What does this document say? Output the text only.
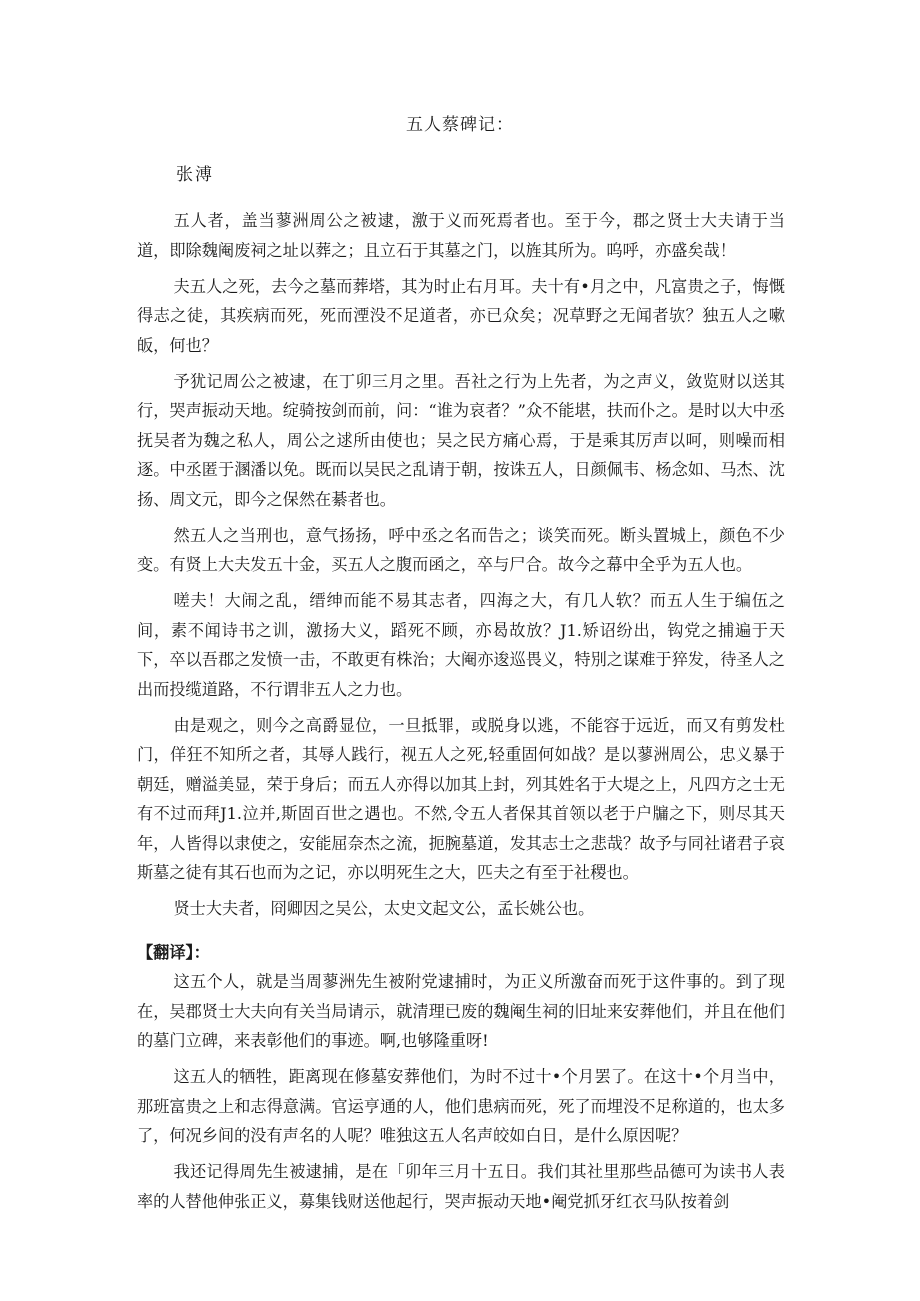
五人蔡碑记：
张溥

五人者，盖当蓼洲周公之被逮，激于义而死焉者也。至于今，郡之贤士大夫请于当道，即除魏阉废祠之址以葬之；且立石于其墓之门，以旌其所为。呜呼，亦盛矣哉！

夫五人之死，去今之墓而葬塔，其为时止右月耳。夫十有•月之中，凡富贵之子，悔慨得志之徒，其疾病而死，死而湮没不足道者，亦已众矣；况草野之无闻者欤？独五人之嗽皈，何也？

予犹记周公之被逮，在丁卯三月之里。吾社之行为上先者，为之声义，敛览财以送其行，哭声振动天地。绽骑按剑而前，问：“谁为哀者？”众不能堪，扶而仆之。是时以大中丞抚吴者为魏之私人，周公之逑所由使也；吴之民方痛心焉，于是乘其厉声以呵，则噪而相逐。中丞匿于溷潘以免。既而以吴民之乱请于朝，按诛五人，日颜佩韦、杨念如、马杰、沈扬、周文元，即今之保然在綦者也。

然五人之当刑也，意气扬扬，呼中丞之名而告之；谈笑而死。断头置城上，颜色不少变。有贤上大夫发五十金，买五人之腹而函之，卒与尸合。故今之幕中全乎为五人也。

嗟夫！大闹之乱，缙绅而能不易其志者，四海之大，有几人软？而五人生于编伍之间，素不闻诗书之训，激扬大义，蹈死不顾，亦曷故放？J1.矫诏纷出，钩党之捕遍于天下，卒以吾郡之发愤一击，不敢更有株治；大阉亦逡巡畏义，特別之谋难于猝发，待圣人之出而投缆道路，不行谓非五人之力也。

由是观之，则今之高爵显位，一旦抵罪，或脱身以逃，不能容于远近，而又有剪发杜门，佯狂不知所之者，其辱人践行，视五人之死,轻重固何如战？是以蓼洲周公，忠义暴于朝廷，赠溢美显，荣于身后；而五人亦得以加其上封，列其姓名于大堤之上，凡四方之士无有不过而拜J1.泣并,斯固百世之遇也。不然,令五人者保其首领以老于户牖之下，则尽其天年，人皆得以隶使之，安能屈奈杰之流，扼腕墓道，发其志士之悲哉？故予与同社诸君子哀斯墓之徒有其石也而为之记，亦以明死生之大，匹夫之有至于社稷也。

贤士大夫者，冏卿因之吴公，太史文起文公，孟长姚公也。

【翻译】：

这五个人，就是当周蓼洲先生被附党逮捕时，为正义所激奋而死于这件事的。到了现在，吴郡贤士大夫向有关当局请示，就清理已废的魏阉生祠的旧址来安葬他们，并且在他们的墓门立碑，来表彰他们的事迹。啊,也够隆重呀!

这五人的牺牲，距离现在修墓安葬他们，为时不过十•个月罢了。在这十•个月当中，那班富贵之上和志得意满。官运亨通的人，他们患病而死，死了而埋没不足称道的，也太多了，何况乡间的没有声名的人呢？唯独这五人名声皎如白日，是什么原因呢？

我还记得周先生被逮捕，是在「卯年三月十五日。我们其社里那些品德可为读书人表率的人替他伸张正义，募集钱财送他起行，哭声振动天地•阉党抓牙红衣马队按着剑
